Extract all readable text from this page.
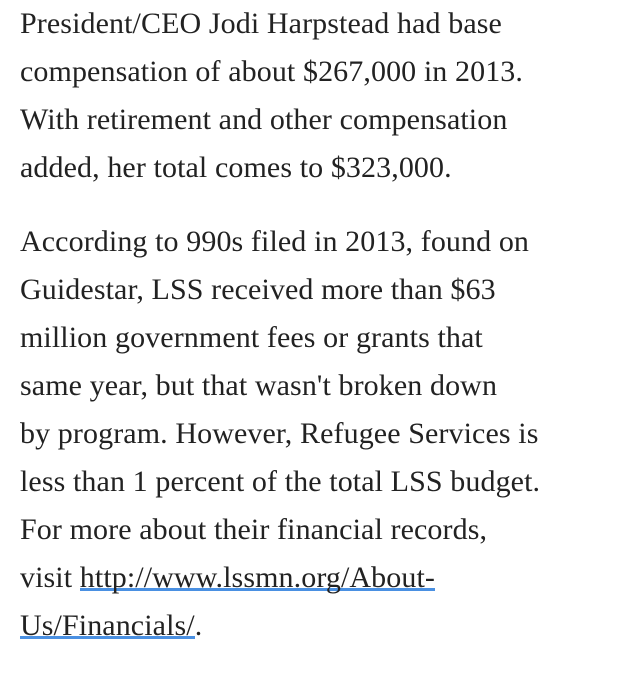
President/CEO Jodi Harpstead had base
compensation of about $267,000 in 2013.
With retirement and other compensation
added, her total comes to $323,000.

According to 990s filed in 2013, found on
Guidestar, LSS received more than $63
million government fees or grants that
same year, but that wasn't broken down
by program. However, Refugee Services is
less than 1 percent of the total LSS budget.
For more about their financial records,
visit http://www.lssmn.org/About-
Us/Financials/.
